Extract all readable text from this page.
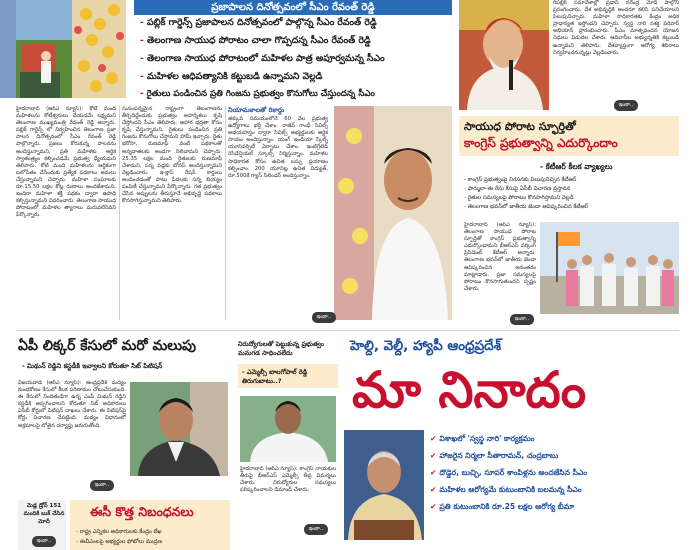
ప్రజాపాలన దినోత్సవంలో సీఎం రేవంత్ రెడ్డి
- పబ్లిక్ గార్డెన్స్‌ ప్రజాపాలన దినోత్సవంలో పాల్గొన్న సీఎం రేవంత్ రెడ్డి
- తెలంగాణ సాయుధ పోరాటం చాలా గొప్పదన్న సీఎం రేవంత్ రెడ్డి
- తెలంగాణ సాయుధ పోరాటంలో మహిళల పాత్ర అపూర్వమన్న సీఎం
- మహిళల ఆధిపత్యానికి కట్టుబడి ఉన్నామని వెల్లడి
- రైతులు పండించిన ప్రతి గింజను ప్రభుత్వం కొనుగోలు చేస్తుందన్న సీఎం
హైదరాబాద్ (ఆర్ఎ న్యూస్): కోటి మంది మహిళలను కోటీశ్వరులు చేయడమే లక్ష్యమని తెలంగాణ ముఖ్యమంత్రి రేవంత్ రెడ్డి అన్నారు. పబ్లిక్ గార్డెన్స్‌ లో నిర్వహించిన తెలంగాణ ప్రజా పాలన దినోత్సవంలో సీఎం రేవంత్ రెడ్డి పాల్గొన్నారు. ప్రజలు కోరుకున్న పాలనను అందిస్తున్నామని, ప్రతి మహిళకు ఆర్థిక స్వాతంత్ర్యం కల్పించడమే ప్రభుత్వ ధ్యేయమని తెలిపారు. కోటి మంది మహిళలను ఆర్థికంగా బలోపేతం చేసేందుకు ప్రత్యేక పథకాలు అమలు చేస్తున్నామని చెప్పారు. మహిళా సంఘాలకు రూ.15.50 లక్షల కోట్ల రుణాలు అందజేశామని, ఇందిరా మహిళా శక్తి పథకం ద్వారా ఉపాధి కల్పిస్తున్నామని వివరించారు. తెలంగాణ సాయుధ పోరాటంలో మహిళల త్యాగాలు మరువలేనివని పేర్కొన్నారు.
సుసంపన్నమైన రాష్ట్రంగా తెలంగాణను తీర్చిదిద్దేందుకు ప్రభుత్వం అహర్నిశలు కృషి చేస్తోందని సీఎం తెలిపారు. ఆహార భద్రతా కోసం కృషి చేస్తున్నామని, రైతులు పండించిన ప్రతి గింజను కొనుగోలు చేస్తామని హామీ ఇచ్చారు. రైతు భరోసా, రుణమాఫీ వంటి పథకాలతో అన్నదాతలకు అండగా నిలిచామని చెప్పారు. 25.35 లక్షల మంది రైతులకు రుణమాఫీ చేశామని, సన్న వడ్లకు బోనస్ అందిస్తున్నామని వెల్లడించారు. ఇ-క్లాస్ రేషన్ కార్డులు అందించడంతో పాటు పేదలకు సన్న బియ్యం పంపిణీ చేస్తున్నామని పేర్కొన్నారు. గత ప్రభుత్వం చేసిన అప్పులను తీరుస్తూనే అభివృద్ధి పథకాలు కొనసాగిస్తున్నామని తెలిపారు.
నియామకాలతో రికార్డు
తక్కువ సమయంలోనే 60 వేల ప్రభుత్వ ఉద్యోగాలు భర్తీ చేశాం. రాజీవ్ గాంధీ సివిల్స్ అభయహస్తం ద్వారా సివిల్స్ అభ్యర్థులకు ఆర్థిక సాయం అందిస్తున్నాం. యంగ్ ఇండియా స్కిల్స్ యూనివర్సిటీ ఏర్పాటు చేశాం. ఇంటిగ్రేటెడ్ రెసిడెన్షియల్ స్కూల్స్ నిర్మిస్తున్నాం. మహిళల సాధికారత కోసం ఉచిత బస్సు ప్రయాణం కల్పించాం. 200 యూనిట్ల ఉచిత విద్యుత్, రూ.500కే గ్యాస్ సిలిండర్ అందిస్తున్నాం.
ఇంకా..
రిపబ్లిక్‌ సమావేశాల్లో ప్రధాని నరేంద్ర మోదీ పాల్గొని ప్రసంగించారు. దేశ అభివృద్ధికి అందరూ కలిసి పనిచేయాలని పిలుపునిచ్చారు. మహిళా సాధికారతకు కేంద్రం అధిక ప్రాధాన్యత ఇస్తోందని చెప్పారు. స్వస్థ నారి సశక్త పరివార్ అభియాన్ ప్రారంభించారు. పీఎం మాతృవందన యోజన నిధులు విడుదల చేశారు. ఆదివాసీల అభ్యున్నతికి కట్టుబడి ఉన్నామని తెలిపారు. దేశవ్యాప్తంగా ఆరోగ్య శిబిరాలు నిర్వహించనున్నట్లు వెల్లడించారు.
ఇంకా..
సాయుధ పోరాట స్ఫూర్తితో
కాంగ్రెస్ ప్రభుత్వాన్ని ఎదుర్కొందాం
- కేటీఆర్ కీలక వ్యాఖ్యలు
- కాంగ్రెస్ ప్రభుత్వంపై నిరసనకు పిలుపునిచ్చిన కేటీఆర్
- ఫార్ములా-ఈ రేసు కేసుపై ఏసీబీ విచారణ ప్రస్తావన
- రైతుల సమస్యలపై పోరాటం కొనసాగిస్తామని వెల్లడి
- తెలంగాణ భవన్‌లో జాతీయ జెండా ఆవిష్కరించిన కేటీఆర్
హైదరాబాద్ (ఆర్ఎ న్యూస్): తెలంగాణ సాయుధ పోరాట స్ఫూర్తితో కాంగ్రెస్ ప్రభుత్వాన్ని ఎదుర్కొందామని బీఆర్ఎస్ వర్కింగ్ ప్రెసిడెంట్ కేటీఆర్ అన్నారు. తెలంగాణ భవన్‌లో జాతీయ జెండా ఆవిష్కరించిన అనంతరం మాట్లాడారు. ప్రజా సమస్యలపై పోరాటం కొనసాగుతుందని స్పష్టం చేశారు.
ఇంకా..
ఏపీ లిక్కర్ కేసులో మరో మలుపు
- మిథున్ రెడ్డిని కస్టడీకి ఇవ్వాలని కోరుతూ సిట్ పిటిషన్
విజయవాడ (ఆర్ఎ న్యూస్): ఆంధ్రప్రదేశ్ మద్యం కుంభకోణం కేసులో కీలక పరిణామం చోటుచేసుకుంది. ఈ కేసులో నిందితుడిగా ఉన్న ఎంపీ మిథున్ రెడ్డిని కస్టడీకి అప్పగించాలని కోరుతూ సిట్ అధికారులు ఏసీబీ కోర్టులో పిటిషన్ దాఖలు చేశారు. ఈ పిటిషన్‌పై కోర్టు విచారణ చేపట్టింది. మద్యం విధానంలో అక్రమాలపై లోతైన దర్యాప్తు జరుగుతోంది.
ఇంకా..
మెడ్ల డ్రోన్‌ 151 మందికి బుక్ చేసిన మోదీ
ఇంకా..
ఈసీ కొత్త నిబంధనలు
- రాష్ట్ర ఎన్నికల అధికారులకు కేంద్రం లేఖ
- ఈవీఎంలపై అభ్యర్థుల ఫోటోలు ముద్రణ
నిరుద్యోగులతో పెట్టుకున్న ప్రభుత్వం మనుగడ సాధించలేదు
- ఎమ్మెల్సీ బాలగోపాల్ రెడ్డి తిరుగుబాటు..?
హైదరాబాద్ (ఆర్ఎ న్యూస్): కాంగ్రెస్ నాయకుల తీరుపై బీఆర్ఎస్ ఎమ్మెల్సీ తీవ్ర విమర్శలు చేశారు. నిరుద్యోగుల సమస్యలు పరిష్కరించాలని డిమాండ్ చేశారు.
ఇంకా..
హెల్ది, వెల్దీ, హ్యాపీ ఆంధ్రప్రదేశ్
మా నినాదం
✔ విశాఖలో 'స్వస్థ నారి' కార్యక్రమం
✔ హాజరైన నిర్మలా సీతారామన్, చంద్రబాబు
✔ దొడ్డెర, బుచ్చి, సూపర్ శాంపిళ్లను అందజేసిన సీఎం
✔ మహిళల ఆరోగ్యమే కుటుంబానికి బలమన్న సీఎం
✔ ప్రతి కుటుంబానికి రూ.25 లక్షల ఆరోగ్య బీమా
